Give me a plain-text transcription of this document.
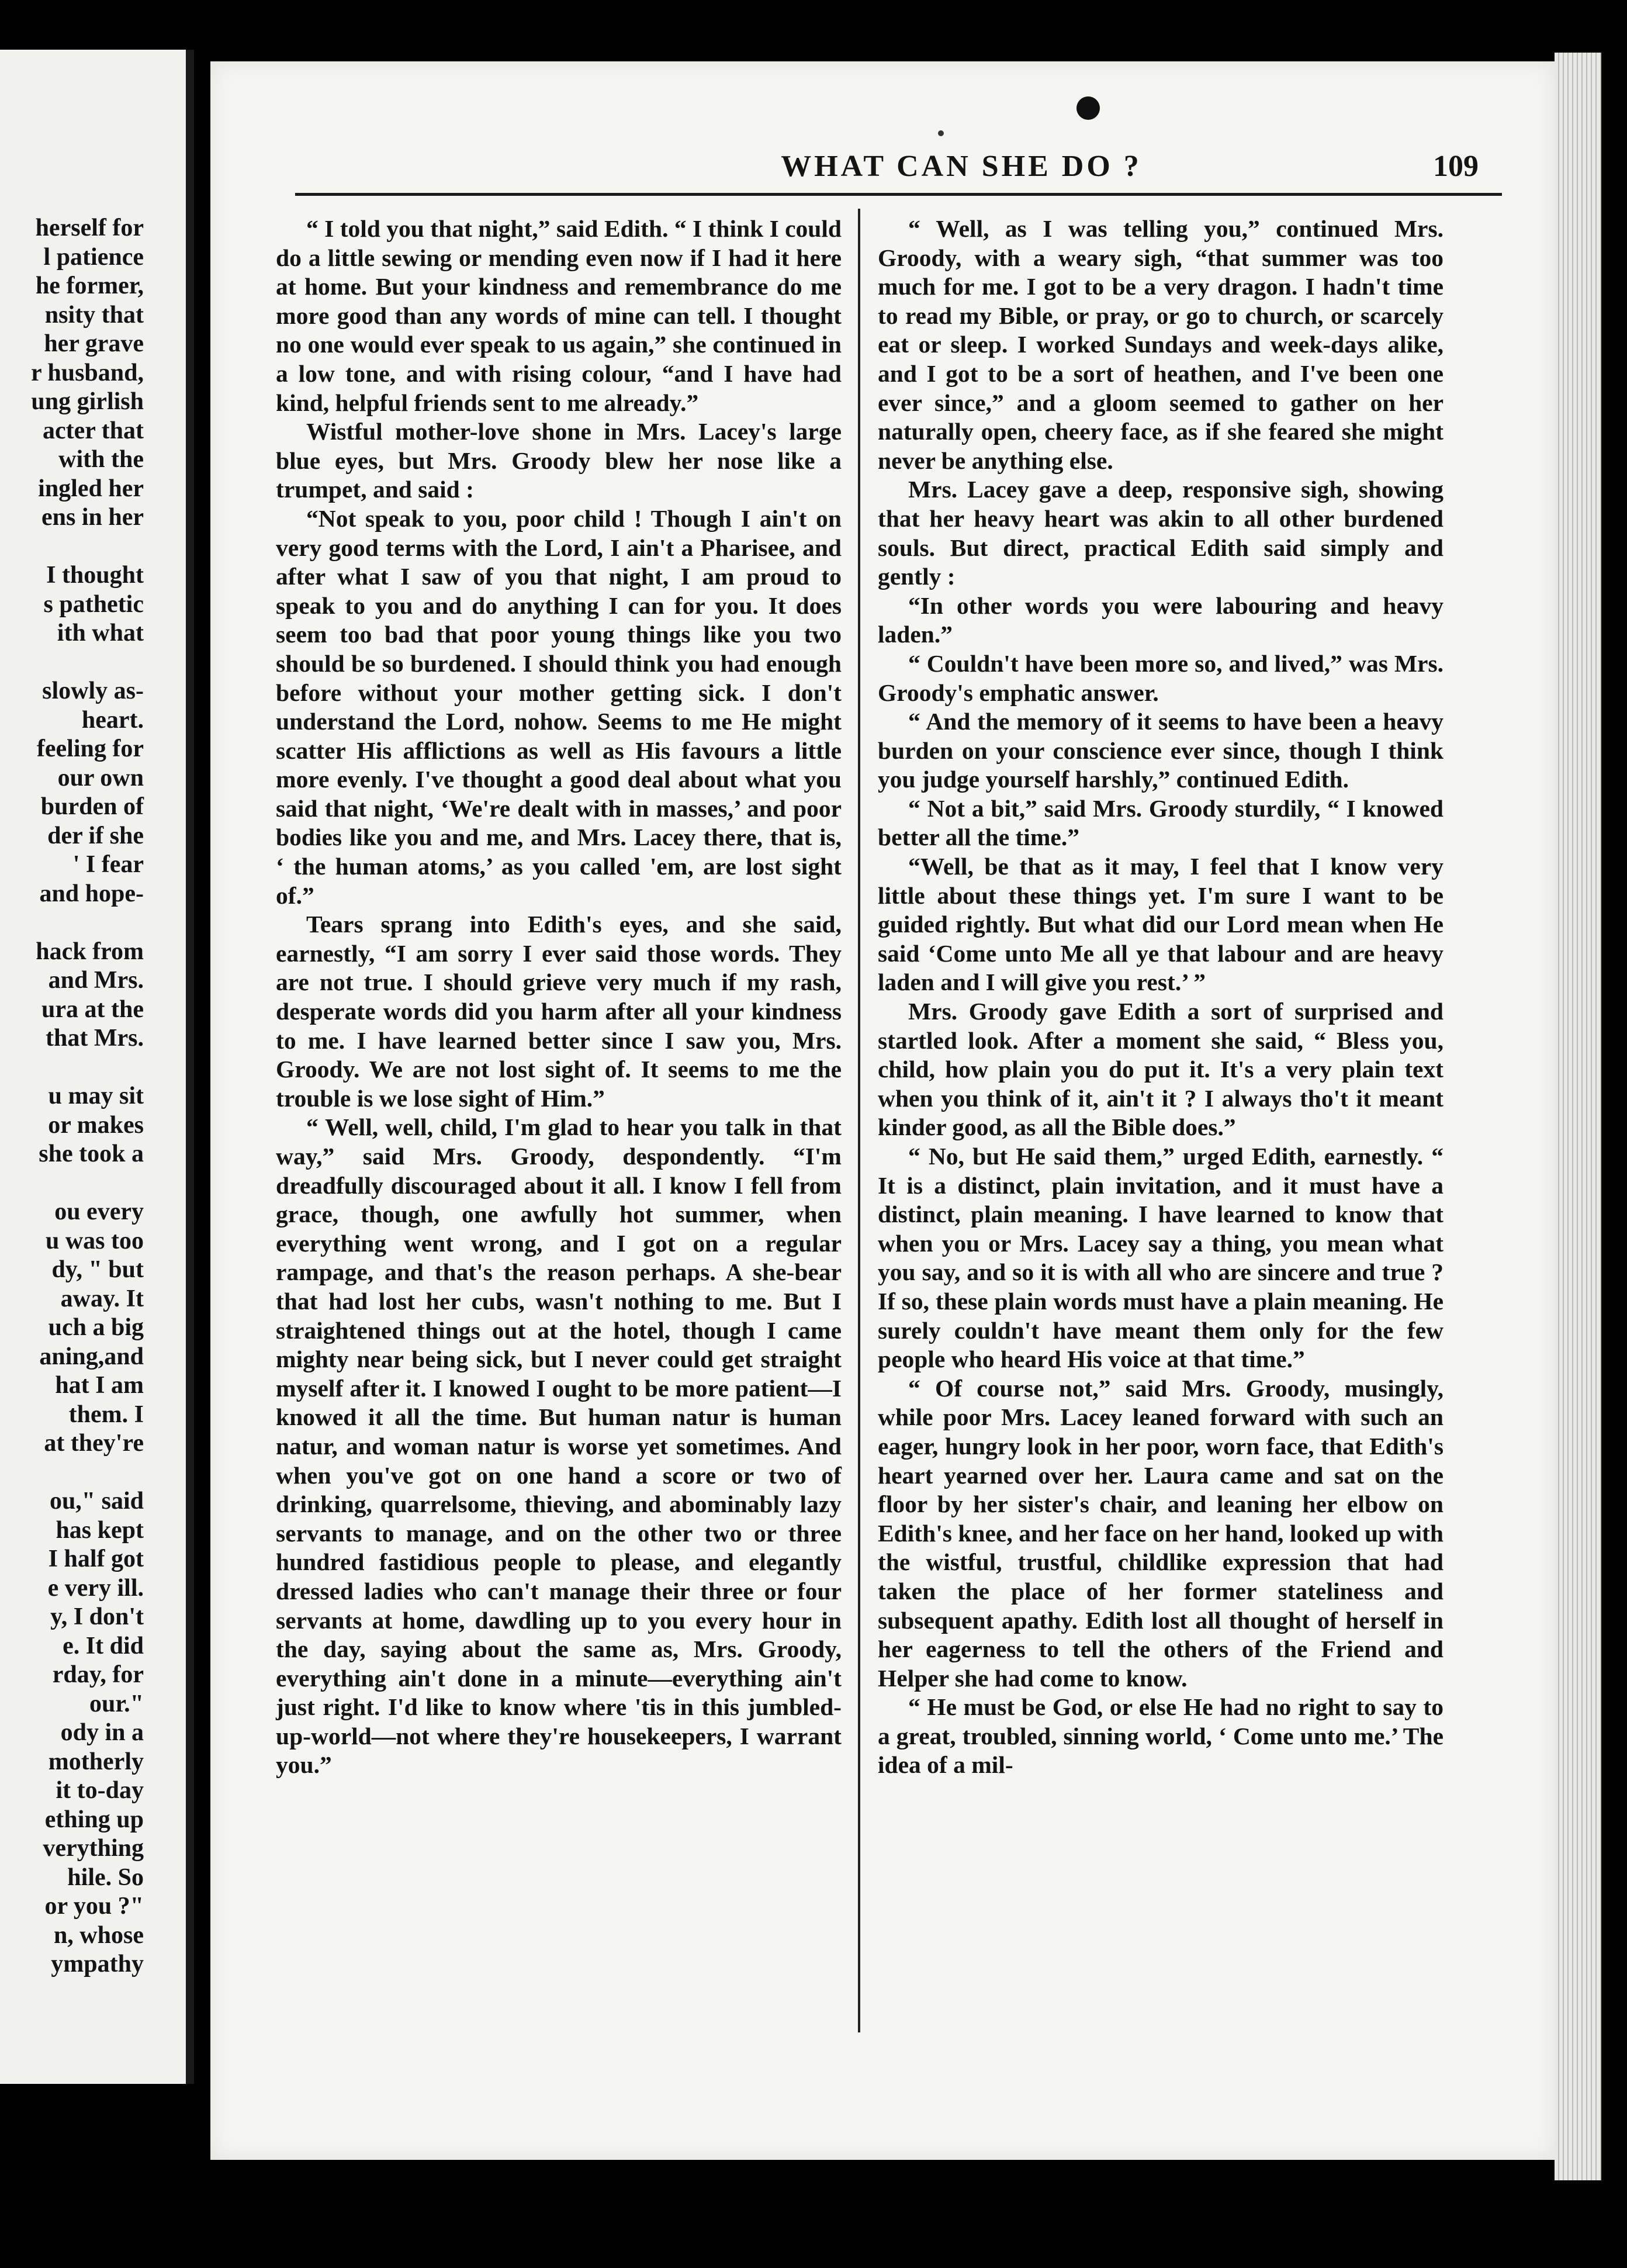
herself for
l patience
he former,
nsity that
her grave
r husband,
ung girlish
acter that
with the
ingled her
ens in her
I thought
s pathetic
ith what
slowly as-
heart.
feeling for
our own
burden of
der if she
' I fear
and hope-
hack from
and Mrs.
ura at the
that Mrs.
u may sit
or makes
she took a
ou every
u was too
dy, " but
away. It
uch a big
aning,and
hat I am
them. I
at they're
ou," said
has kept
I half got
e very ill.
y, I don't
e. It did
rday, for
our."
ody in a
motherly
it to-day
ething up
verything
hile. So
or you ?"
n, whose
ympathy
WHAT CAN SHE DO ?	109

“ I told you that night,” said Edith. “ I think I could do a little sewing or mending even now if I had it here at home. But your kindness and remembrance do me more good than any words of mine can tell. I thought no one would ever speak to us again,” she continued in a low tone, and with rising colour, “and I have had kind, helpful friends sent to me already.”

Wistful mother-love shone in Mrs. Lacey's large blue eyes, but Mrs. Groody blew her nose like a trumpet, and said :

“Not speak to you, poor child ! Though I ain't on very good terms with the Lord, I ain't a Pharisee, and after what I saw of you that night, I am proud to speak to you and do anything I can for you. It does seem too bad that poor young things like you two should be so burdened. I should think you had enough before without your mother getting sick. I don't understand the Lord, nohow. Seems to me He might scatter His afflictions as well as His favours a little more evenly. I've thought a good deal about what you said that night, ‘We're dealt with in masses,’ and poor bodies like you and me, and Mrs. Lacey there, that is, ‘ the human atoms,’ as you called 'em, are lost sight of.”

Tears sprang into Edith's eyes, and she said, earnestly, “I am sorry I ever said those words. They are not true. I should grieve very much if my rash, desperate words did you harm after all your kindness to me. I have learned better since I saw you, Mrs. Groody. We are not lost sight of. It seems to me the trouble is we lose sight of Him.”

“ Well, well, child, I'm glad to hear you talk in that way,” said Mrs. Groody, despondently. “I'm dreadfully discouraged about it all. I know I fell from grace, though, one awfully hot summer, when everything went wrong, and I got on a regular rampage, and that's the reason perhaps. A she-bear that had lost her cubs, wasn't nothing to me. But I straightened things out at the hotel, though I came mighty near being sick, but I never could get straight myself after it. I knowed I ought to be more patient—I knowed it all the time. But human natur is human natur, and woman natur is worse yet sometimes. And when you've got on one hand a score or two of drinking, quarrelsome, thieving, and abominably lazy servants to manage, and on the other two or three hundred fastidious people to please, and elegantly dressed ladies who can't manage their three or four servants at home, dawdling up to you every hour in the day, saying about the same as, Mrs. Groody, everything ain't done in a minute—everything ain't just right. I'd like to know where 'tis in this jumbled-up-world—not where they're housekeepers, I warrant you.”

“ Well, as I was telling you,” continued Mrs. Groody, with a weary sigh, “that summer was too much for me. I got to be a very dragon. I hadn't time to read my Bible, or pray, or go to church, or scarcely eat or sleep. I worked Sundays and week-days alike, and I got to be a sort of heathen, and I've been one ever since,” and a gloom seemed to gather on her naturally open, cheery face, as if she feared she might never be anything else.

Mrs. Lacey gave a deep, responsive sigh, showing that her heavy heart was akin to all other burdened souls. But direct, practical Edith said simply and gently :

“In other words you were labouring and heavy laden.”

“ Couldn't have been more so, and lived,” was Mrs. Groody's emphatic answer.

“ And the memory of it seems to have been a heavy burden on your conscience ever since, though I think you judge yourself harshly,” continued Edith.

“ Not a bit,” said Mrs. Groody sturdily, “ I knowed better all the time.”

“Well, be that as it may, I feel that I know very little about these things yet. I'm sure I want to be guided rightly. But what did our Lord mean when He said ‘Come unto Me all ye that labour and are heavy laden and I will give you rest.’ ”

Mrs. Groody gave Edith a sort of surprised and startled look. After a moment she said, “ Bless you, child, how plain you do put it. It's a very plain text when you think of it, ain't it ? I always tho't it meant kinder good, as all the Bible does.”

“ No, but He said them,” urged Edith, earnestly. “ It is a distinct, plain invitation, and it must have a distinct, plain meaning. I have learned to know that when you or Mrs. Lacey say a thing, you mean what you say, and so it is with all who are sincere and true ? If so, these plain words must have a plain meaning. He surely couldn't have meant them only for the few people who heard His voice at that time.”

“ Of course not,” said Mrs. Groody, musingly, while poor Mrs. Lacey leaned forward with such an eager, hungry look in her poor, worn face, that Edith's heart yearned over her. Laura came and sat on the floor by her sister's chair, and leaning her elbow on Edith's knee, and her face on her hand, looked up with the wistful, trustful, childlike expression that had taken the place of her former stateliness and subsequent apathy. Edith lost all thought of herself in her eagerness to tell the others of the Friend and Helper she had come to know.

“ He must be God, or else He had no right to say to a great, troubled, sinning world, ‘ Come unto me.’ The idea of a mil-
